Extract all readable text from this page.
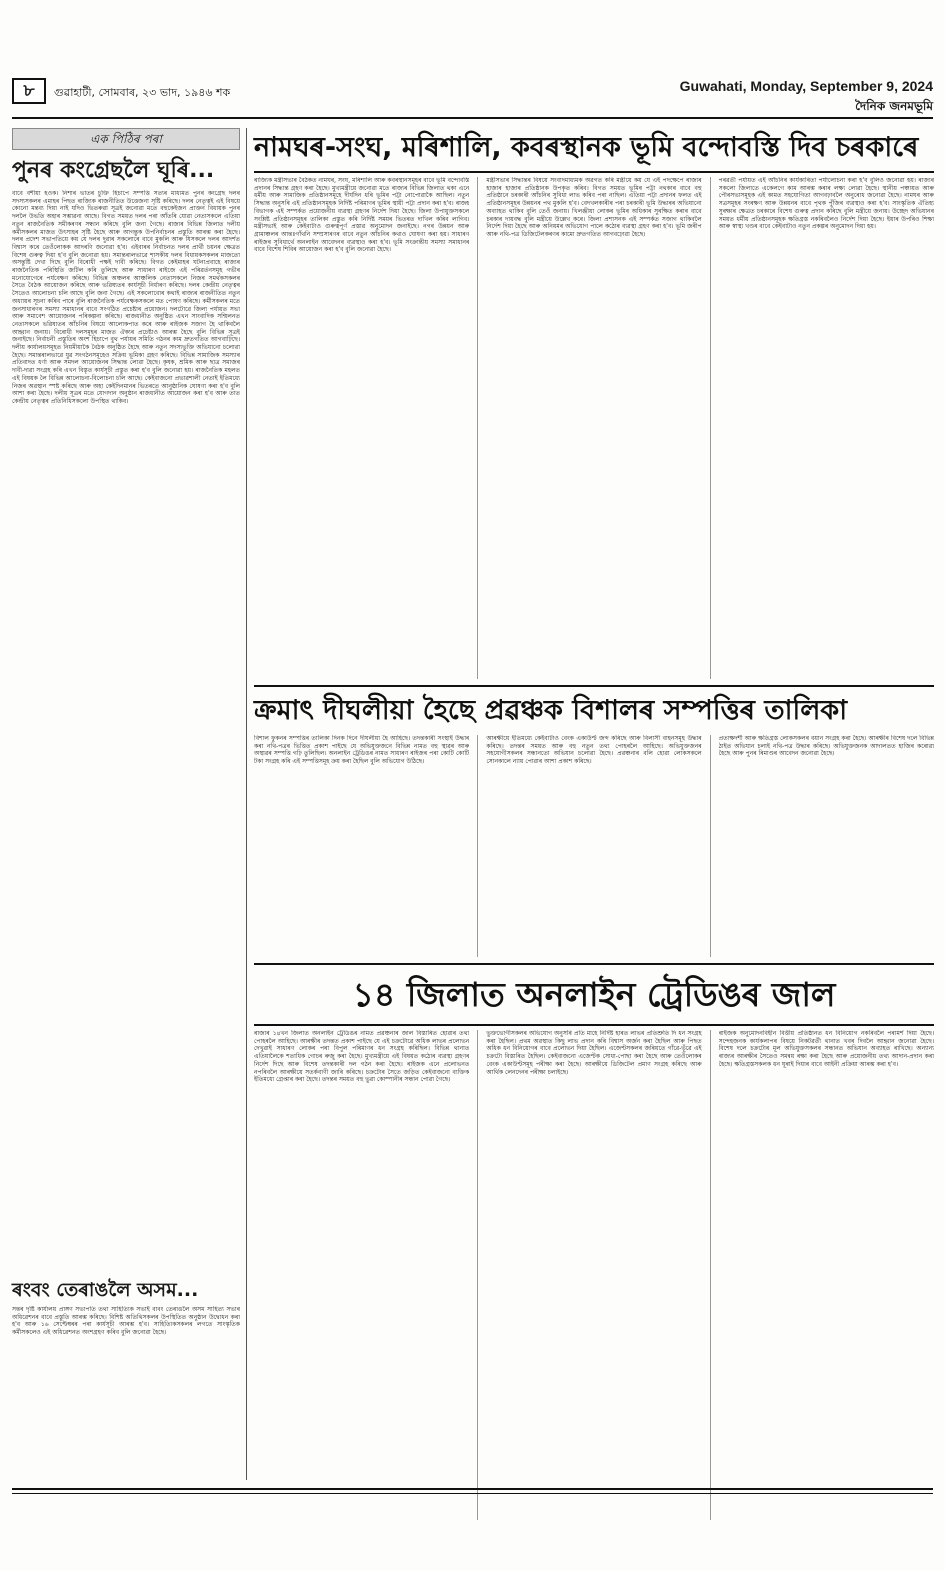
৮	গুৱাহাটী, সোমবাৰ, ২৩ ভাদ, ১৯৪৬ শক	Guwahati, Monday, September 9, 2024
দৈনিক জনমভূমি
এক পিঠিৰ পৰা
পুনৰ কংগ্ৰেছলৈ ঘূৰি...
বাবে বশীয়া হওক। নিশাৰ ভাতৰ চুক্তি হিচাপে সম্পত্তি সত্যৰ মাধ্যমত পুনৰ কংগ্ৰেছ দলৰ সদস্যসকলৰ এমাহৰ পিছত ৰাজ্যিক ৰাজনীতিত উত্তেজনা সৃষ্টি কৰিছে। দলৰ নেতৃত্বই এই বিষয়ে কোনো মন্তব্য দিয়া নাই যদিও ভিতৰুৱা সূত্ৰই জনোৱা মতে বহুকেইজন প্ৰাক্তন বিধায়ক পুনৰ দললৈ উভতি অহাৰ সম্ভাৱনা আছে। বিগত সময়ত দলৰ পৰা আঁতৰি যোৱা নেতাসকলে এতিয়া নতুন ৰাজনৈতিক সমীকৰণৰ সন্ধান কৰিছে বুলি জনা গৈছে। ৰাজ্যৰ বিভিন্ন জিলাত দলীয় কৰ্মীসকলৰ মাজত উৎসাহৰ সৃষ্টি হৈছে আৰু আগন্তুক উপনিৰ্বাচনৰ প্ৰস্তুতি আৰম্ভ কৰা হৈছে। দলৰ প্ৰদেশ সভাপতিয়ে কয় যে দলৰ দুৱাৰ সকলোৰে বাবে মুকলি আৰু যিসকলে দলৰ আদৰ্শত বিশ্বাস কৰে তেওঁলোকক আদৰণি জনোৱা হ'ব। এইবাৰৰ নিৰ্বাচনত দলৰ প্ৰাৰ্থী চয়নৰ ক্ষেত্ৰত বিশেষ গুৰুত্ব দিয়া হ'ব বুলি জনোৱা হয়। সমান্তৰালভাৱে শাসকীয় দলৰ বিধায়কসকলৰ মাজতো অসন্তুষ্টি দেখা দিছে বুলি বিৰোধী পক্ষই দাবী কৰিছে। বিগত কেইমাহৰ ঘটনাপ্ৰবাহে ৰাজ্যৰ ৰাজনৈতিক পৰিস্থিতি জটিল কৰি তুলিছে আৰু সাধাৰণ ৰাইজে এই পৰিৱৰ্তনসমূহ গভীৰ মনোযোগেৰে পৰ্যবেক্ষণ কৰিছে। বিভিন্ন অঞ্চলৰ আঞ্চলিক নেতাসকলে নিজৰ সমৰ্থকসকলৰ সৈতে বৈঠক আয়োজন কৰিছে আৰু ভৱিষ্যতৰ কাৰ্যসূচী নিৰ্ধাৰণ কৰিছে। দলৰ কেন্দ্ৰীয় নেতৃত্বৰ সৈতেও আলোচনা চলি আছে বুলি জনা গৈছে। এই সকলোবোৰ কথাই ৰাজ্যৰ ৰাজনীতিত নতুন অধ্যায়ৰ সূচনা কৰিব পাৰে বুলি ৰাজনৈতিক পৰ্যবেক্ষকসকলে মত পোষণ কৰিছে। কৰ্মীসকলৰ মতে জনসাধাৰণৰ সমস্যা সমাধানৰ বাবে সংগঠিত প্ৰচেষ্টাৰ প্ৰয়োজন। দলটোৱে জিলা পৰ্যায়ত সভা আৰু সমাবেশ আয়োজনৰ পৰিকল্পনা কৰিছে। ৰাজধানীত অনুষ্ঠিত এখন সাংবাদিক সন্মিলনত নেতাসকলে ভৱিষ্যতৰ আঁচনিৰ বিষয়ে আলোকপাত কৰে আৰু ৰাইজক সজাগ হৈ থাকিবলৈ আহ্বান জনায়। বিৰোধী দলসমূহৰ মাজত ঐক্যৰ প্ৰচেষ্টাও আৰম্ভ হৈছে বুলি বিভিন্ন সূত্ৰই জনাইছে। নিৰ্বাচনী প্ৰস্তুতিৰ অংশ হিচাপে বুথ পৰ্যায়ৰ সমিতি গঠনৰ কাম দ্ৰুতগতিত আগবাঢ়িছে। দলীয় কাৰ্যালয়সমূহত নিয়মীয়াকৈ বৈঠক অনুষ্ঠিত হৈছে আৰু নতুন সদস্যভুক্তি অভিযানো চলোৱা হৈছে। সমান্তৰালভাৱে যুৱ সংগঠনসমূহেও সক্ৰিয় ভূমিকা গ্ৰহণ কৰিছে। বিভিন্ন সামাজিক সমস্যাৰ প্ৰতিবাদত ধৰ্ণা আৰু সমদল আয়োজনৰ সিদ্ধান্ত লোৱা হৈছে। কৃষক, শ্ৰমিক আৰু ছাত্ৰ সমাজৰ দাবী-দাৱা সংগ্ৰহ কৰি এখন বিস্তৃত কাৰ্যসূচী প্ৰস্তুত কৰা হ'ব বুলি জনোৱা হয়। ৰাজনৈতিক মহলত এই বিষয়ক লৈ বিভিন্ন আলোচনা-বিলোচনা চলি আছে। কেইবাজনো প্ৰভাৱশালী নেতাই ইতিমধ্যে নিজৰ অৱস্থান স্পষ্ট কৰিছে আৰু অহা কেইদিনমানৰ ভিতৰতে আনুষ্ঠানিক ঘোষণা কৰা হ'ব বুলি আশা কৰা হৈছে। দলীয় সূত্ৰৰ মতে যোগদান অনুষ্ঠান ৰাজধানীত আয়োজন কৰা হ'ব আৰু তাত কেন্দ্ৰীয় নেতৃত্বৰ প্ৰতিনিধিসকলো উপস্থিত থাকিব।
ৰংবং তেৰাঙলৈ অসম...
সন্তৰ দৃষ্টি কাৰ্যালয় প্ৰাঙ্গণ সভাপতি তথা সাহিত্যিক সভাই বাবং তেৰাঙলৈ অসম সাহিত্য সভাৰ অধিৱেশনৰ বাবে প্ৰস্তুতি আৰম্ভ কৰিছে। বিশিষ্ট অতিথিসকলৰ উপস্থিতিত অনুষ্ঠান উদ্বোধন কৰা হ'ব আৰু ১৬ সেপ্টেম্বৰৰ পৰা কাৰ্যসূচী আৰম্ভ হ'ব। সাহিত্যিকসকলৰ লগতে সাংস্কৃতিক কৰ্মীসকলেও এই অধিৱেশনত অংশগ্ৰহণ কৰিব বুলি জনোৱা হৈছে।
নামঘৰ-সংঘ, মৰিশালি, কবৰস্থানক ভূমি বন্দোবস্তি দিব চৰকাৰে
ৰাজ্যিক মন্ত্ৰীসভাৰ বৈঠকত নামঘৰ, সংঘ, মৰিশালি আৰু কবৰস্থানসমূহৰ বাবে ভূমি বন্দোবস্তি প্ৰদানৰ সিদ্ধান্ত গ্ৰহণ কৰা হৈছে। মুখ্যমন্ত্ৰীয়ে জনোৱা মতে ৰাজ্যৰ বিভিন্ন জিলাত থকা এনে ধৰ্মীয় আৰু সামাজিক প্ৰতিষ্ঠানসমূহে দীৰ্ঘদিন ধৰি ভূমিৰ পট্টা নোপোৱাকৈ আছিল। নতুন সিদ্ধান্ত অনুসৰি এই প্ৰতিষ্ঠানসমূহক নিৰ্দিষ্ট পৰিমাণৰ ভূমিৰ স্থায়ী পট্টা প্ৰদান কৰা হ'ব। ৰাজহ বিভাগক এই সম্পৰ্কত প্ৰয়োজনীয় ব্যৱস্থা গ্ৰহণৰ নিৰ্দেশ দিয়া হৈছে। জিলা উপায়ুক্তসকলে সংশ্লিষ্ট প্ৰতিষ্ঠানসমূহৰ তালিকা প্ৰস্তুত কৰি নিৰ্দিষ্ট সময়ৰ ভিতৰত দাখিল কৰিব লাগিব। মন্ত্ৰীসভাই আৰু কেইবাটাও গুৰুত্বপূৰ্ণ প্ৰস্তাৱ অনুমোদন জনাইছে। নগৰ উন্নয়ন আৰু গ্ৰামাঞ্চলৰ আন্তঃগাঁথনি সম্প্ৰসাৰণৰ বাবে নতুন আঁচনিৰ কথাও ঘোষণা কৰা হয়। সাধাৰণ ৰাইজৰ সুবিধাৰ্থে অনলাইন আবেদনৰ ব্যৱস্থাও কৰা হ'ব। ভূমি সংক্ৰান্তীয় সমস্যা সমাধানৰ বাবে বিশেষ শিবিৰ আয়োজন কৰা হ'ব বুলি জনোৱা হৈছে।
মন্ত্ৰীসভাৰ সিদ্ধান্তৰ বিষয়ে সংবাদমাধ্যমক অৱগত কৰি মন্ত্ৰীয়ে কয় যে এই পদক্ষেপে ৰাজ্যৰ হাজাৰ হাজাৰ প্ৰতিষ্ঠানক উপকৃত কৰিব। বিগত সময়ত ভূমিৰ পট্টা নথকাৰ বাবে বহু প্ৰতিষ্ঠানে চৰকাৰী আঁচনিৰ সুবিধা লাভ কৰিব পৰা নাছিল। এতিয়া পট্টা প্ৰদানৰ ফলত এই প্ৰতিষ্ঠানসমূহৰ উন্নয়নৰ পথ মুকলি হ'ব। বেদখলকাৰীৰ পৰা চৰকাৰী ভূমি উদ্ধাৰৰ অভিযানো অব্যাহত থাকিব বুলি তেওঁ জনায়। খিলঞ্জীয়া লোকৰ ভূমিৰ অধিকাৰ সুৰক্ষিত কৰাৰ বাবে চৰকাৰ দায়বদ্ধ বুলি মন্ত্ৰীয়ে উল্লেখ কৰে। জিলা প্ৰশাসনক এই সম্পৰ্কত সজাগ থাকিবলৈ নিৰ্দেশ দিয়া হৈছে আৰু অনিয়মৰ অভিযোগ পালে কঠোৰ ব্যৱস্থা গ্ৰহণ কৰা হ'ব। ভূমি জৰীপ আৰু নথি-পত্ৰ ডিজিটেলকৰণৰ কামো দ্ৰুতগতিত আগবঢ়োৱা হৈছে।
পৰৱৰ্তী পৰ্যায়ত এই আঁচনিৰ কাৰ্যকাৰিতা পৰ্যালোচনা কৰা হ'ব বুলিও জনোৱা হয়। ৰাজ্যৰ সকলো জিলাতে একেলগে কাম আৰম্ভ কৰাৰ লক্ষ্য লোৱা হৈছে। স্থানীয় পঞ্চায়ত আৰু পৌৰসভাসমূহক এই কামত সহযোগিতা আগবঢ়াবলৈ অনুৰোধ জনোৱা হৈছে। নামঘৰ আৰু সত্ৰসমূহৰ সংৰক্ষণ আৰু উন্নয়নৰ বাবে পৃথক পুঁজিৰ ব্যৱস্থাও কৰা হ'ব। সাংস্কৃতিক ঐতিহ্য সুৰক্ষাৰ ক্ষেত্ৰত চৰকাৰে বিশেষ গুৰুত্ব প্ৰদান কৰিছে বুলি মন্ত্ৰীয়ে জনায়। উচ্ছেদ অভিযানৰ সময়ত ধৰ্মীয় প্ৰতিষ্ঠানসমূহক ক্ষতিগ্ৰস্ত নকৰিবলৈও নিৰ্দেশ দিয়া হৈছে। ইয়াৰ উপৰিও শিক্ষা আৰু স্বাস্থ্য খণ্ডৰ বাবে কেইবাটাও নতুন প্ৰকল্পৰ অনুমোদন দিয়া হয়।
ক্ৰমাৎ দীঘলীয়া হৈছে প্ৰৱঞ্চক বিশালৰ সম্পত্তিৰ তালিকা
বিশাল ফুকনৰ সম্পত্তিৰ তালিকা দিনক দিনে দীঘলীয়া হৈ আহিছে। তদন্তকাৰী সংস্থাই উদ্ধাৰ কৰা নথি-পত্ৰৰ ভিত্তিত প্ৰকাশ পাইছে যে অভিযুক্তজনে বিভিন্ন নামত বহু স্থাৱৰ আৰু অস্থাৱৰ সম্পত্তি গঢ়ি তুলিছিল। অনলাইন ট্ৰেডিঙৰ নামত সাধাৰণ ৰাইজৰ পৰা কোটি কোটি টকা সংগ্ৰহ কৰি এই সম্পত্তিসমূহ ক্ৰয় কৰা হৈছিল বুলি অভিযোগ উঠিছে।
আৰক্ষীয়ে ইতিমধ্যে কেইবাটাও বেংক একাউণ্ট জব্দ কৰিছে আৰু বিলাসী বাহনসমূহ উদ্ধাৰ কৰিছে। তদন্তৰ সময়ত আৰু বহু নতুন তথ্য পোহৰলৈ আহিছে। অভিযুক্তজনৰ সহযোগীসকলৰ সন্ধানতো অভিযান চলোৱা হৈছে। প্ৰৱঞ্চনাৰ বলি হোৱা লোকসকলে সোনকালে ন্যায় পোৱাৰ আশা প্ৰকাশ কৰিছে।
প্ৰত্যক্ষদৰ্শী আৰু ক্ষতিগ্ৰস্ত লোকসকলৰ বয়ান সংগ্ৰহ কৰা হৈছে। আৰক্ষীৰ বিশেষ দলে বিভিন্ন ঠাইত অভিযান চলাই নথি-পত্ৰ উদ্ধাৰ কৰিছে। অভিযুক্তজনক আদালতত হাজিৰ কৰোৱা হৈছে আৰু পুনৰ ৰিমাণ্ডৰ আবেদন জনোৱা হৈছে।
১৪ জিলাত অনলাইন ট্ৰেডিঙৰ জাল
ৰাজ্যৰ ১৪খন জিলাত অনলাইন ট্ৰেডিঙৰ নামত প্ৰৱঞ্চনাৰ জাল বিস্তাৰিত হোৱাৰ তথ্য পোহৰলৈ আহিছে। আৰক্ষীৰ তদন্তত প্ৰকাশ পাইছে যে এই চক্ৰটোৱে অধিক লাভৰ প্ৰলোভন দেখুৱাই সাধাৰণ লোকৰ পৰা বিপুল পৰিমাণৰ ধন সংগ্ৰহ কৰিছিল। বিভিন্ন থানাত এতিয়ালৈকে শতাধিক গোচৰ ৰুজু কৰা হৈছে। মুখ্যমন্ত্ৰীয়ে এই বিষয়ত কঠোৰ ব্যৱস্থা গ্ৰহণৰ নিৰ্দেশ দিছে আৰু বিশেষ তদন্তকাৰী দল গঠন কৰা হৈছে। ৰাইজক এনে প্ৰলোভনত নপৰিবলৈ আৰক্ষীয়ে সতৰ্কবাণী জাৰি কৰিছে। চক্ৰটোৰ সৈতে জড়িত কেইবাজনো ব্যক্তিক ইতিমধ্যে গ্ৰেপ্তাৰ কৰা হৈছে। তদন্তৰ সময়ত বহু ভুৱা কোম্পানীৰ সন্ধান পোৱা গৈছে।
ভুক্তভোগীসকলৰ অভিযোগ অনুসৰি প্ৰতি মাহে নিৰ্দিষ্ট হাৰত লাভৰ প্ৰতিশ্ৰুতি দি ধন সংগ্ৰহ কৰা হৈছিল। প্ৰথম অৱস্থাত কিছু লাভ প্ৰদান কৰি বিশ্বাস অৰ্জন কৰা হৈছিল আৰু পিছত অধিক ধন বিনিয়োগৰ বাবে প্ৰলোভন দিয়া হৈছিল। এজেণ্টসকলৰ জৰিয়তে গাঁৱে-ভূঁৱে এই চক্ৰটো বিস্তাৰিত হৈছিল। কেইবাজনো এজেণ্টক সোধা-পোছা কৰা হৈছে আৰু তেওঁলোকৰ বেংক একাউণ্টসমূহ পৰীক্ষা কৰা হৈছে। আৰক্ষীয়ে ডিজিটেল প্ৰমাণ সংগ্ৰহ কৰিছে আৰু আৰ্থিক লেনদেনৰ পৰীক্ষা চলাইছে।
ৰাইজক অনুমোদনবিহীন বিত্তীয় প্ৰতিষ্ঠানত ধন বিনিয়োগ নকৰিবলৈ পৰামৰ্শ দিয়া হৈছে। সন্দেহজনক কাৰ্যকলাপৰ বিষয়ে নিকটৱৰ্তী থানাত খবৰ দিবলৈ আহ্বান জনোৱা হৈছে। বিশেষ দলে চক্ৰটোৰ মূল অভিযুক্তসকলৰ সন্ধানত অভিযান অব্যাহত ৰাখিছে। অন্যান্য ৰাজ্যৰ আৰক্ষীৰ সৈতেও সমন্বয় ৰক্ষা কৰা হৈছে আৰু প্ৰয়োজনীয় তথ্য আদান-প্ৰদান কৰা হৈছে। ক্ষতিগ্ৰস্তসকলক ধন ঘূৰাই দিয়াৰ বাবে আইনী প্ৰক্ৰিয়া আৰম্ভ কৰা হ'ব।
